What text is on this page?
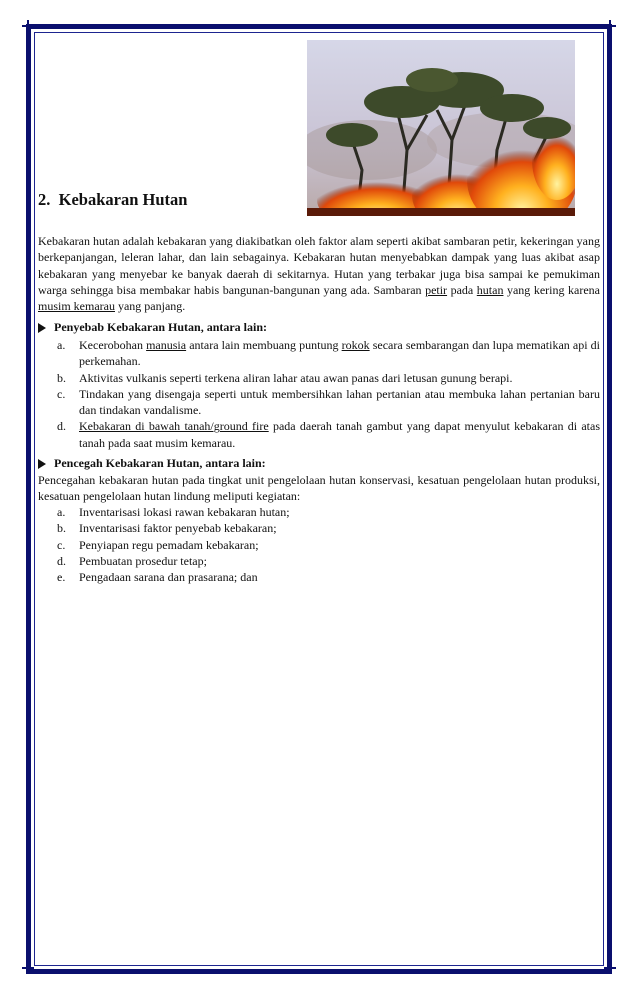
2. Kebakaran Hutan

Kebakaran hutan adalah kebakaran yang diakibatkan oleh faktor alam seperti akibat sambaran petir, kekeringan yang berkepanjangan, leleran lahar, dan lain sebagainya. Kebakaran hutan menyebabkan dampak yang luas akibat asap kebakaran yang menyebar ke banyak daerah di sekitarnya. Hutan yang terbakar juga bisa sampai ke pemukiman warga sehingga bisa membakar habis bangunan-bangunan yang ada. Sambaran petir pada hutan yang kering karena musim kemarau yang panjang.

Penyebab Kebakaran Hutan, antara lain:
a. Kecerobohan manusia antara lain membuang puntung rokok secara sembarangan dan lupa mematikan api di perkemahan.
b. Aktivitas vulkanis seperti terkena aliran lahar atau awan panas dari letusan gunung berapi.
c. Tindakan yang disengaja seperti untuk membersihkan lahan pertanian atau membuka lahan pertanian baru dan tindakan vandalisme.
d. Kebakaran di bawah tanah/ground fire pada daerah tanah gambut yang dapat menyulut kebakaran di atas tanah pada saat musim kemarau.
Pencegah Kebakaran Hutan, antara lain:

Pencegahan kebakaran hutan pada tingkat unit pengelolaan hutan konservasi, kesatuan pengelolaan hutan produksi, kesatuan pengelolaan hutan lindung meliputi kegiatan:

a. Inventarisasi lokasi rawan kebakaran hutan;
b. Inventarisasi faktor penyebab kebakaran;
c. Penyiapan regu pemadam kebakaran;
d. Pembuatan prosedur tetap;
e. Pengadaan sarana dan prasarana; dan
